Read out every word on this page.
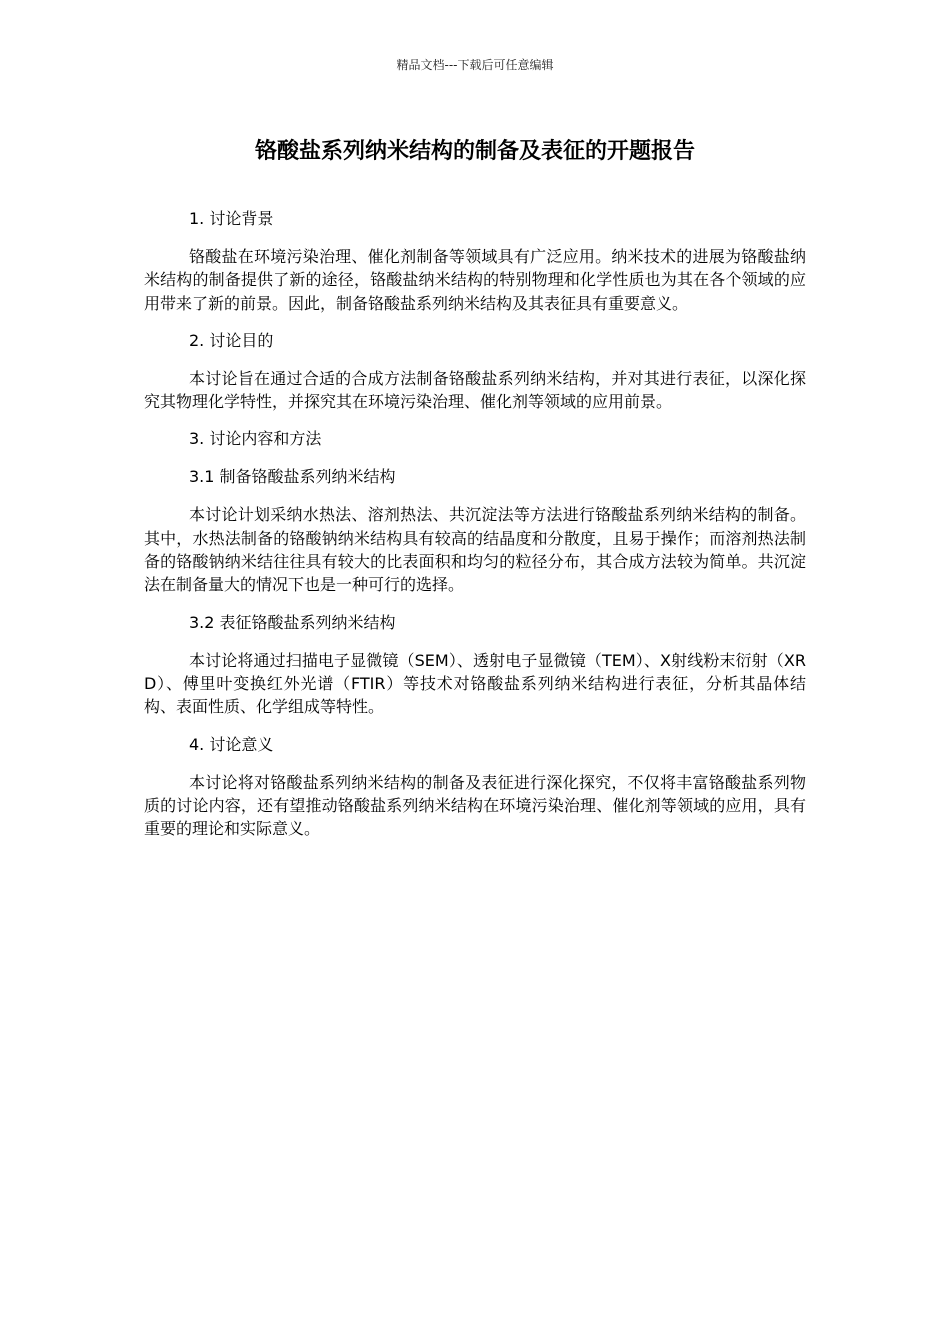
精品文档---下载后可任意编辑
铬酸盐系列纳米结构的制备及表征的开题报告
1. 讨论背景

铬酸盐在环境污染治理、催化剂制备等领域具有广泛应用。纳米技术的进展为铬酸盐纳米结构的制备提供了新的途径，铬酸盐纳米结构的特别物理和化学性质也为其在各个领域的应用带来了新的前景。因此，制备铬酸盐系列纳米结构及其表征具有重要意义。

2. 讨论目的

本讨论旨在通过合适的合成方法制备铬酸盐系列纳米结构，并对其进行表征，以深化探究其物理化学特性，并探究其在环境污染治理、催化剂等领域的应用前景。

3. 讨论内容和方法
3.1 制备铬酸盐系列纳米结构

本讨论计划采纳水热法、溶剂热法、共沉淀法等方法进行铬酸盐系列纳米结构的制备。其中，水热法制备的铬酸钠纳米结构具有较高的结晶度和分散度，且易于操作；而溶剂热法制备的铬酸钠纳米结往往具有较大的比表面积和均匀的粒径分布，其合成方法较为简单。共沉淀法在制备量大的情况下也是一种可行的选择。

3.2 表征铬酸盐系列纳米结构

本讨论将通过扫描电子显微镜（SEM）、透射电子显微镜（TEM）、X射线粉末衍射（XRD）、傅里叶变换红外光谱（FTIR）等技术对铬酸盐系列纳米结构进行表征，分析其晶体结构、表面性质、化学组成等特性。

4. 讨论意义

本讨论将对铬酸盐系列纳米结构的制备及表征进行深化探究，不仅将丰富铬酸盐系列物质的讨论内容，还有望推动铬酸盐系列纳米结构在环境污染治理、催化剂等领域的应用，具有重要的理论和实际意义。
